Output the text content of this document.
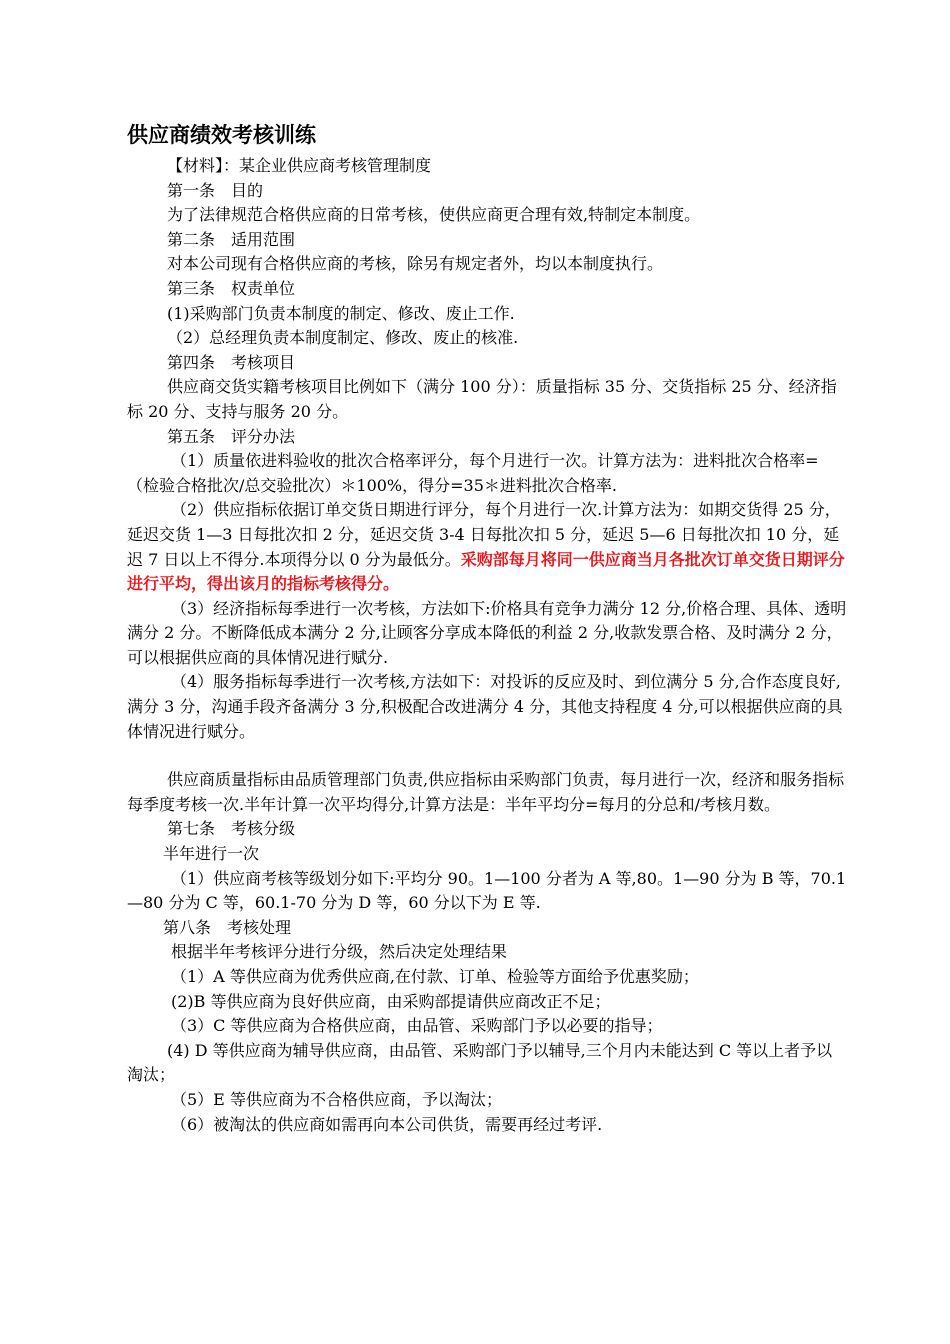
供应商绩效考核训练

【材料】：某企业供应商考核管理制度

第一条　目的

为了法律规范合格供应商的日常考核，使供应商更合理有效,特制定本制度。

第二条　适用范围

对本公司现有合格供应商的考核，除另有规定者外，均以本制度执行。

第三条　权责单位

(1)采购部门负责本制度的制定、修改、废止工作.

（2）总经理负责本制度制定、修改、废止的核准.

第四条　考核项目

供应商交货实籍考核项目比例如下（满分 100 分）：质量指标 35 分、交货指标 25 分、经济指标 20 分、支持与服务 20 分。

第五条　评分办法

（1）质量依进料验收的批次合格率评分，每个月进行一次。计算方法为：进料批次合格率=（检验合格批次/总交验批次）＊100%，得分=35＊进料批次合格率.

（2）供应指标依据订单交货日期进行评分，每个月进行一次.计算方法为：如期交货得 25 分，延迟交货 1—3 日每批次扣 2 分，延迟交货 3-4 日每批次扣 5 分，延迟 5—6 日每批次扣 10 分，延迟 7 日以上不得分.本项得分以 0 分为最低分。采购部每月将同一供应商当月各批次订单交货日期评分进行平均，得出该月的指标考核得分。

（3）经济指标每季进行一次考核，方法如下:价格具有竞争力满分 12 分,价格合理、具体、透明满分 2 分。不断降低成本满分 2 分,让顾客分享成本降低的利益 2 分,收款发票合格、及时满分 2 分，可以根据供应商的具体情况进行赋分.

（4）服务指标每季进行一次考核,方法如下：对投诉的反应及时、到位满分 5 分,合作态度良好,满分 3 分，沟通手段齐备满分 3 分,积极配合改进满分 4 分，其他支持程度 4 分,可以根据供应商的具体情况进行赋分。

供应商质量指标由品质管理部门负责,供应指标由采购部门负责，每月进行一次，经济和服务指标每季度考核一次.半年计算一次平均得分,计算方法是：半年平均分=每月的分总和/考核月数。

第七条　考核分级

半年进行一次

（1）供应商考核等级划分如下:平均分 90。1—100 分者为 A 等,80。1—90 分为 B 等，70.1—80 分为 C 等，60.1-70 分为 D 等，60 分以下为 E 等.

第八条　考核处理

根据半年考核评分进行分级，然后决定处理结果

（1）A 等供应商为优秀供应商,在付款、订单、检验等方面给予优惠奖励；

(2)B 等供应商为良好供应商，由采购部提请供应商改正不足；

（3）C 等供应商为合格供应商，由品管、采购部门予以必要的指导；

(4) D 等供应商为辅导供应商，由品管、采购部门予以辅导,三个月内未能达到 C 等以上者予以淘汰；

（5）E 等供应商为不合格供应商，予以淘汰；

（6）被淘汰的供应商如需再向本公司供货，需要再经过考评.
